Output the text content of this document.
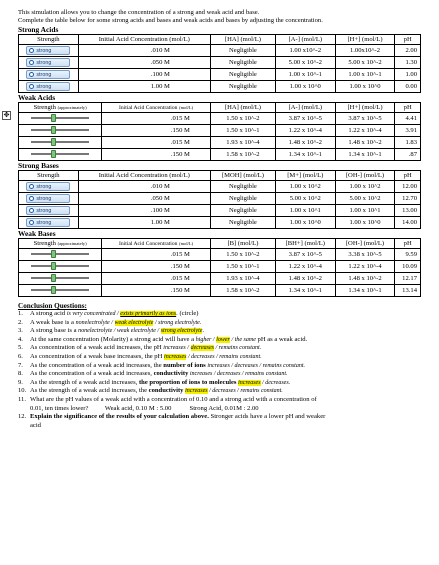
✥
This simulation allows you to change the concentration of a strong and weak acid and base.
Complete the table below for some strong acids and bases and weak acids and bases by adjusting the concentration.
Strong Acids
Strength	Initial Acid Concentration (mol/L)	[HA] (mol/L)	[A-] (mol/L)	[H+] (mol/L)	pH
strong	.010 M	Negligible	1.00 x10^-2	1.00x10^-2	2.00
strong	.050 M	Negligible	5.00 x 10^-2	5.00 x 10^-2	1.30
strong	.100 M	Negligible	1.00 x 10^-1	1.00 x 10^-1	1.00
strong	1.00 M	Negligible	1.00 x 10^0	1.00 x 10^0	0.00
Weak Acids
Strength (approximately)	Initial Acid Concentration (mol/L)	[HA] (mol/L)	[A-] (mol/L)	[H+] (mol/L)	pH

	.015 M	1.50 x 10^-2	3.87 x 10^-5	3.87 x 10^-5	4.41

	.150 M	1.50 x 10^-1	1.22 x 10^-4	1.22 x 10^-4	3.91

	.015 M	1.93 x 10^-4	1.48 x 10^-2	1.48 x 10^-2	1.83

	.150 M	1.58 x 10^-2	1.34 x 10^-1	1.34 x 10^-1	.87
Strong Bases
Strength	Initial Acid Concentration (mol/L)	[MOH] (mol/L)	[M+] (mol/L)	[OH-] (mol/L)	pH
strong	.010 M	Negligible	1.00 x 10^2	1.00 x 10^2	12.00
strong	.050 M	Negligible	5.00 x 10^2	5.00 x 10^2	12.70
strong	.100 M	Negligible	1.00 x 10^1	1.00 x 10^1	13.00
strong	1.00 M	Negligible	1.00 x 10^0	1.00 x 10^0	14.00
Weak Bases
Strength (approximately)	Initial Acid Concentration (mol/L)	[B] (mol/L)	[BH+] (mol/L)	[OH-] (mol/L)	pH

	.015 M	1.50 x 10^-2	3.87 x 10^-5	3.38 x 10^-5	9.59

	.150 M	1.50 x 10^-1	1.22 x 10^-4	1.22 x 10^-4	10.09

	.015 M	1.93 x 10^-4	1.48 x 10^-2	1.48 x 10^-2	12.17

	.150 M	1.58 x 10^-2	1.34 x 10^-1	1.34 x 10^-1	13.14
Conclusion Questions:
1. A strong acid is very concentrated / exists primarily as ions. (circle)
2. A weak base is a nonelectrolyte / weak electrolyte / strong electrolyte.
3. A strong base is a nonelectrolyte / weak electrolyte / strong electrolyte.
4. At the same concentration (Molarity) a strong acid will have a higher / lower / the same pH as a weak acid.
5. As concentration of a weak acid increases, the pH increases / decreases / remains constant.
6. As concentration of a weak base increases, the pH increases / decreases / remains constant.
7. As the concentration of a weak acid increases, the number of ions increases / decreases / remains constant.
8. As the concentration of a weak acid increases, conductivity increases / decreases / remains constant.
9. As the strength of a weak acid increases, the proportion of ions to molecules increases / decreases.
10. As the strength of a weak acid increases, the conductivity increases / decreases / remains constant.
11. What are the pH values of a weak acid with a concentration of 0.10 and a strong acid with a concentration of
0.01, ten times lower? Weak acid, 0.10 M : 5.00	Strong Acid, 0.01M : 2.00
12. Explain the significance of the results of your calculation above. Stronger acids have a lower pH and weaker
acid
